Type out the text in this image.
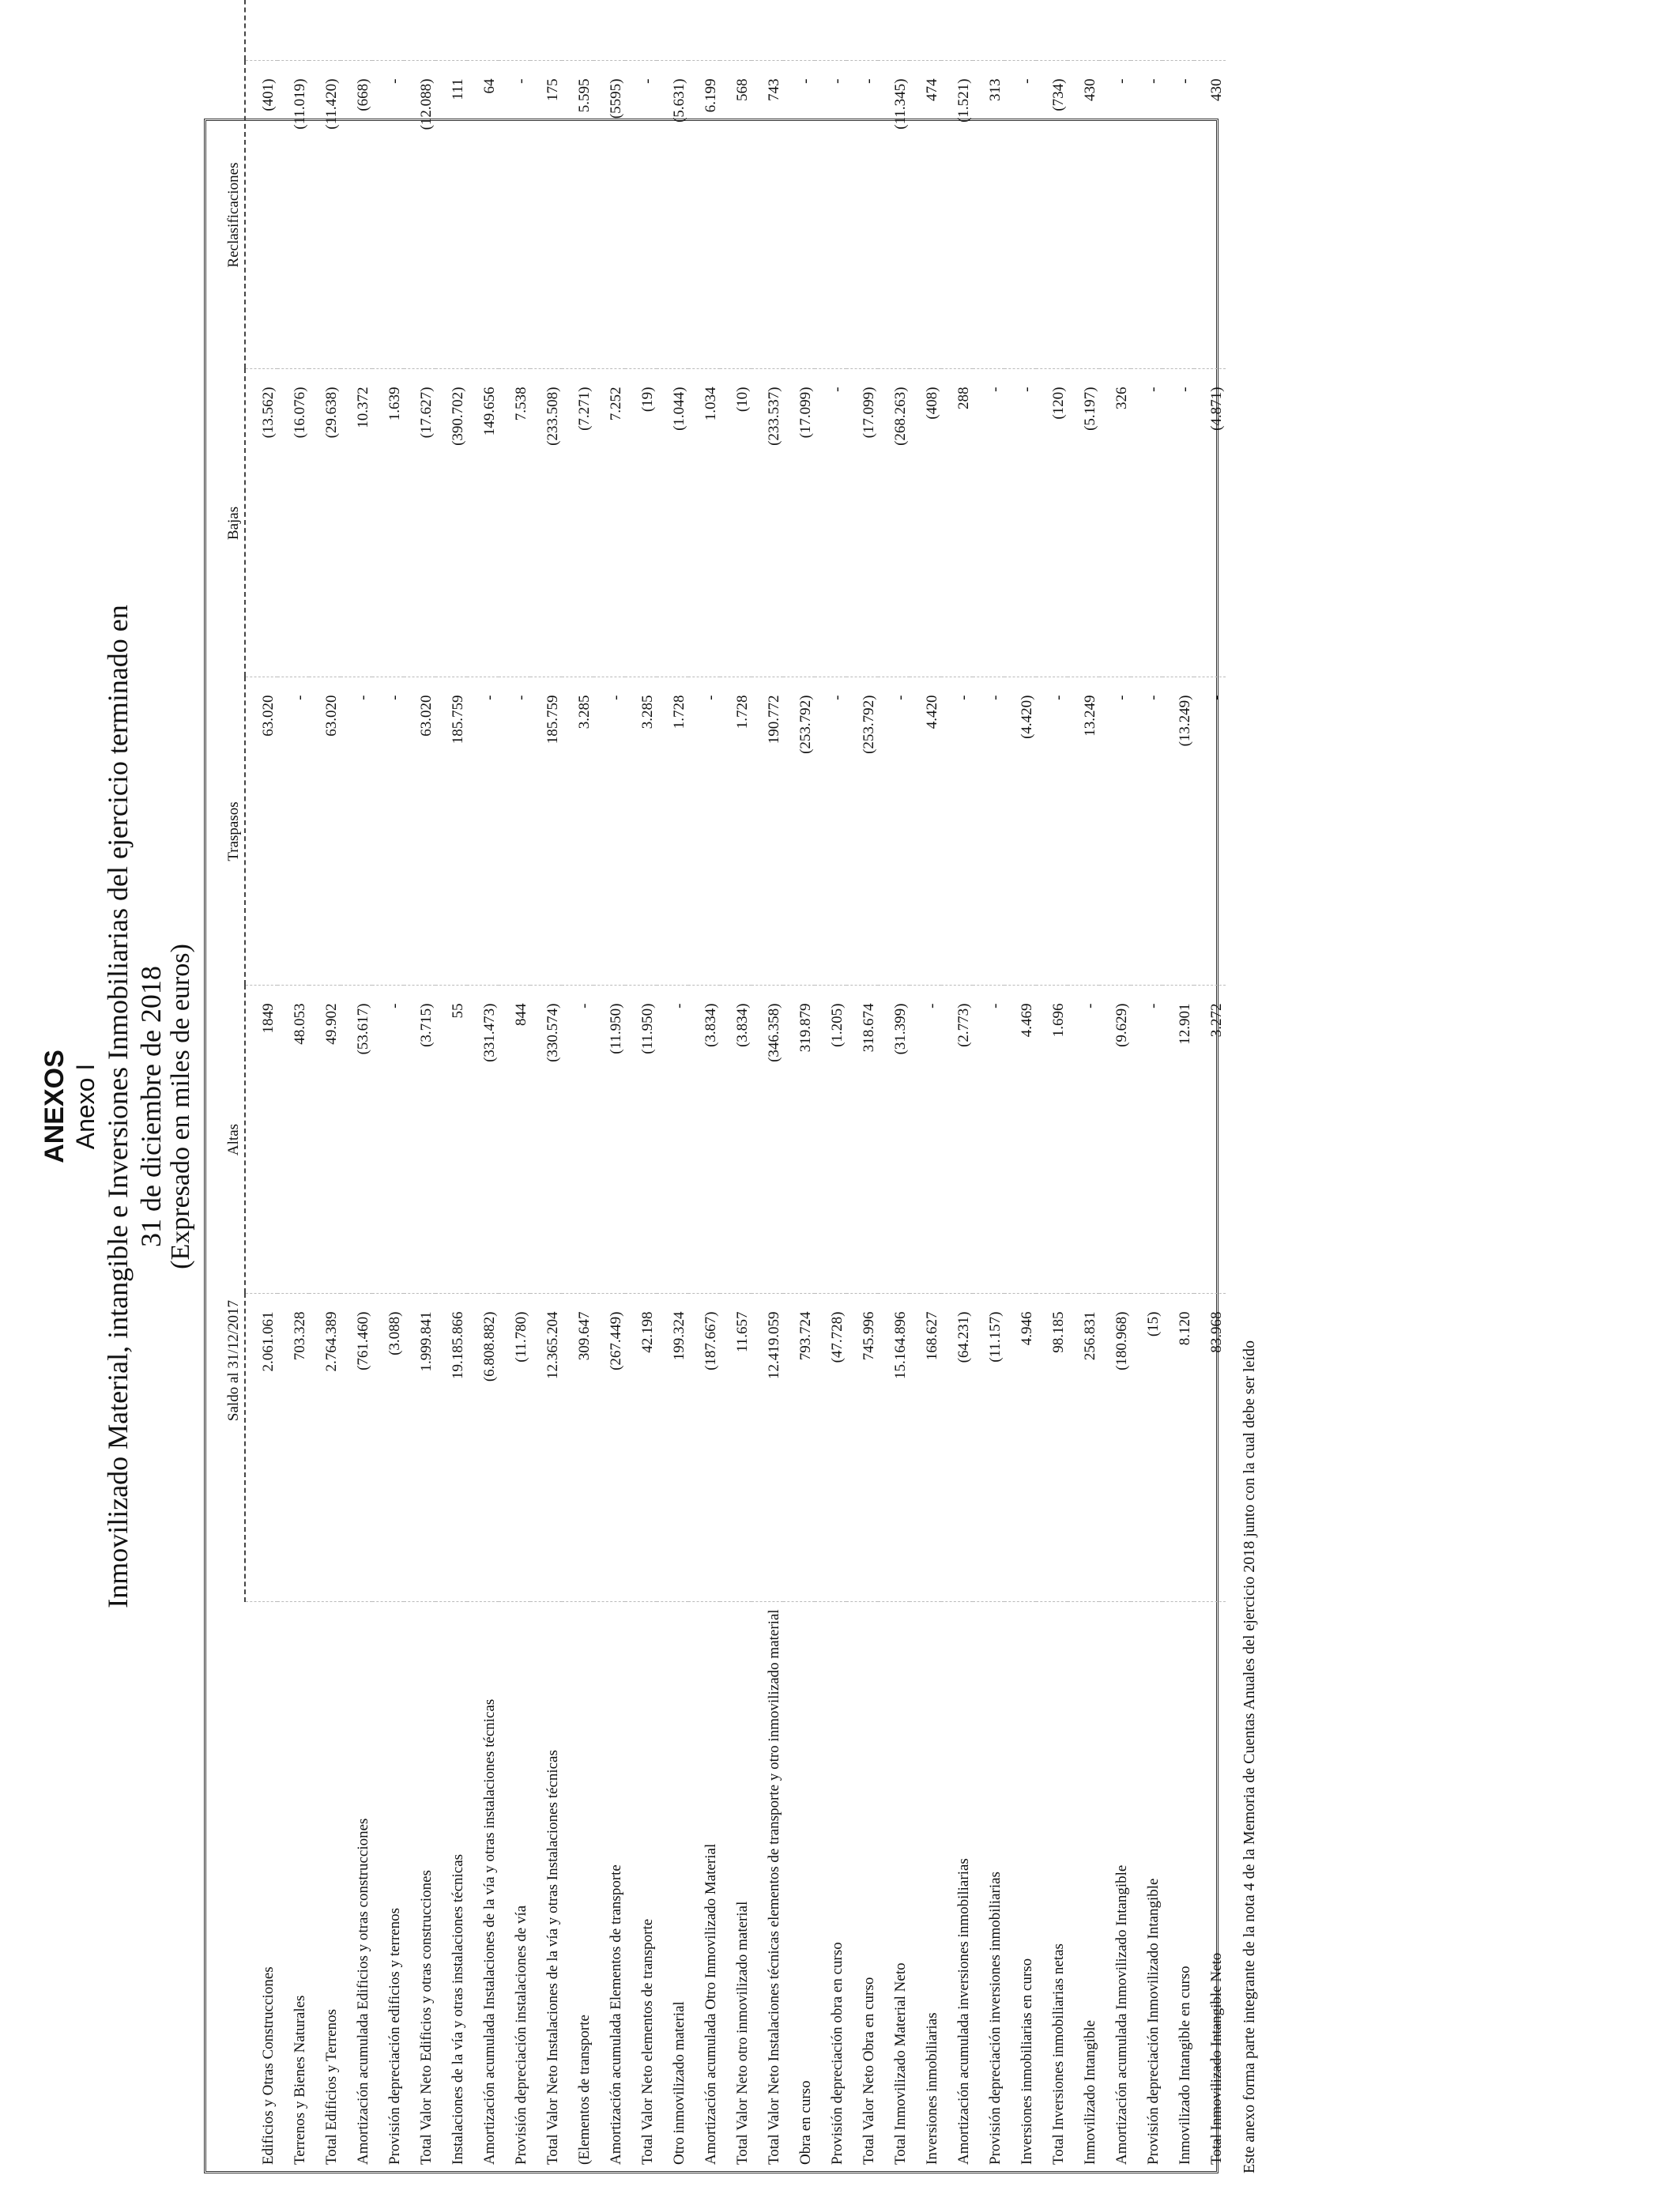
ANEXOS Anexo I Inmovilizado Material, intangible e Inversiones Inmobiliarias del ejercicio terminado en 31 de diciembre de 2018 (Expresado en miles de euros)

	Saldo al 31/12/2017	Altas	Traspasos	Bajas	Reclasificaciones	
Edificios y Otras Construcciones	2.061.061	1849	63.020	(13.562)	(401)	
Terrenos y Bienes Naturales	703.328	48.053	-	(16.076)	(11.019)	
Total Edificios y Terrenos	2.764.389	49.902	63.020	(29.638)	(11.420)	
Amortización acumulada Edificios y otras construcciones	(761.460)	(53.617)	-	10.372	(668)	
Provisión depreciación edificios y terrenos	(3.088)	-	-	1.639	-	
Total Valor Neto Edificios y otras construcciones	1.999.841	(3.715)	63.020	(17.627)	(12.088)	
Instalaciones de la vía y otras instalaciones técnicas	19.185.866	55	185.759	(390.702)	111	
Amortización acumulada Instalaciones de la vía y otras instalaciones técnicas	(6.808.882)	(331.473)	-	149.656	64	
Provisión depreciación instalaciones de vía	(11.780)	844	-	7.538	-	
Total Valor Neto Instalaciones de la vía y otras Instalaciones técnicas	12.365.204	(330.574)	185.759	(233.508)	175	
(Elementos de transporte	309.647	-	3.285	(7.271)	5.595	
Amortización acumulada Elementos de transporte	(267.449)	(11.950)	-	7.252	(5595)	
Total Valor Neto elementos de transporte	42.198	(11.950)	3.285	(19)	-	
Otro inmovilizado material	199.324	-	1.728	(1.044)	(5.631)	
Amortización acumulada Otro Inmovilizado Material	(187.667)	(3.834)	-	1.034	6.199	
Total Valor Neto otro inmovilizado material	11.657	(3.834)	1.728	(10)	568	
Total Valor Neto Instalaciones técnicas elementos de transporte y otro inmovilizado material	12.419.059	(346.358)	190.772	(233.537)	743	
Obra en curso	793.724	319.879	(253.792)	(17.099)	-	
Provisión depreciación obra en curso	(47.728)	(1.205)	-	-	-	
Total Valor Neto Obra en curso	745.996	318.674	(253.792)	(17.099)	-	
Total Inmovilizado Material Neto	15.164.896	(31.399)	-	(268.263)	(11.345)	
Inversiones inmobiliarias	168.627	-	4.420	(408)	474	
Amortización acumulada inversiones inmobiliarias	(64.231)	(2.773)	-	288	(1.521)	
Provisión depreciación inversiones inmobiliarias	(11.157)	-	-	-	313	
Inversiones inmobiliarias en curso	4.946	4.469	(4.420)	-	-	
Total Inversiones inmobiliarias netas	98.185	1.696	-	(120)	(734)	
Inmovilizado Intangible	256.831	-	13.249	(5.197)	430	
Amortización acumulada Inmovilizado Intangible	(180.968)	(9.629)	-	326	-	
Provisión depreciación Inmovilizado Intangible	(15)	-	-	-	-	
Inmovilizado Intangible en curso	8.120	12.901	(13.249)	-	-	
Total Inmovilizado Intangible Neto	83.968	3.272	-	(4.871)	430	
Este anexo forma parte integrante de la nota 4 de la Memoria de Cuentas Anuales del ejercicio 2018 junto con la cual debe ser leído
